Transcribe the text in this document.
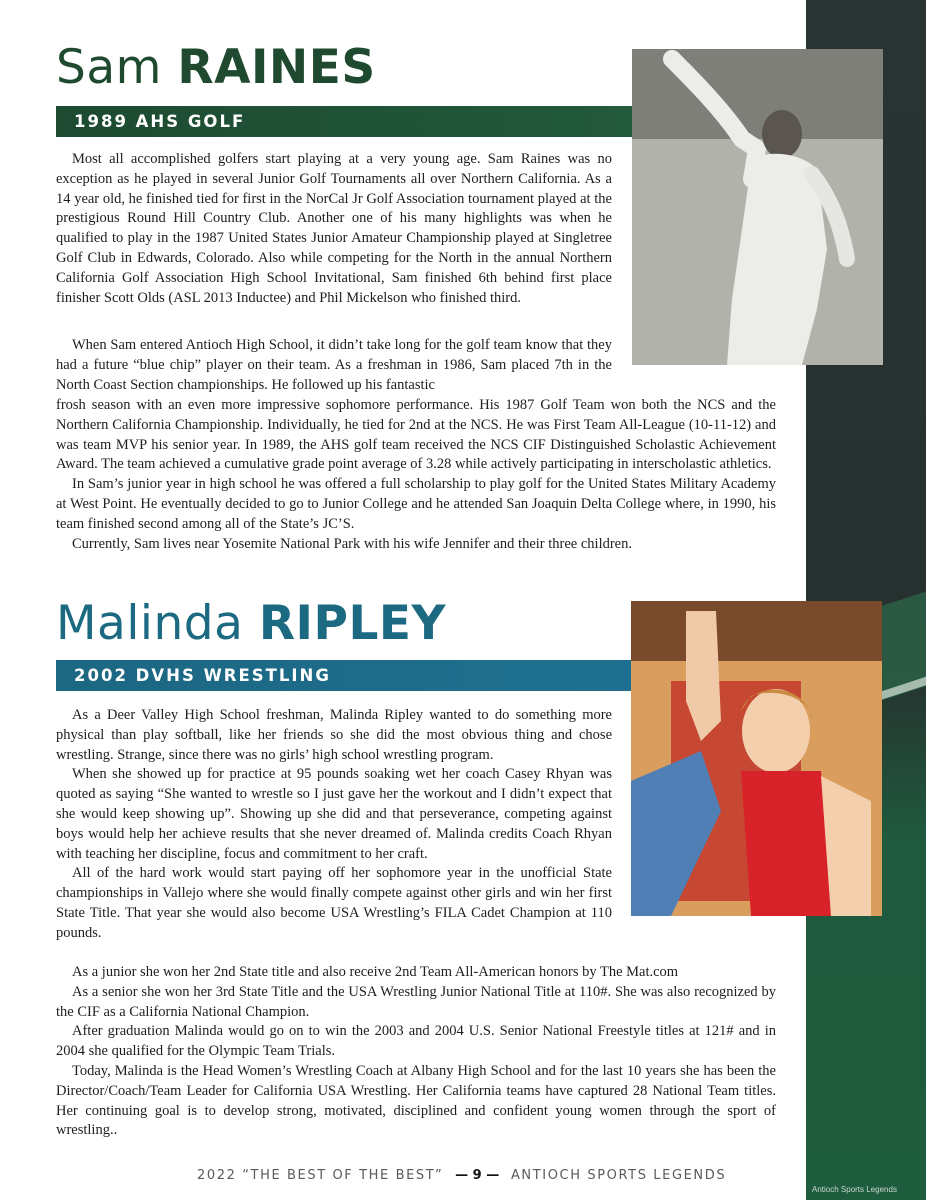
Antioch Sports Legends
Sam RAINES
1989 AHS GOLF

Most all accomplished golfers start playing at a very young age. Sam Raines was no exception as he played in several Junior Golf Tournaments all over Northern California. As a 14 year old, he finished tied for first in the NorCal Jr Golf Association tournament played at the prestigious Round Hill Country Club. Another one of his many highlights was when he qualified to play in the 1987 United States Junior Amateur Championship played at Singletree Golf Club in Edwards, Colorado. Also while competing for the North in the annual Northern California Golf Association High School Invitational, Sam finished 6th behind first place finisher Scott Olds (ASL 2013 Inductee) and Phil Mickelson who finished third.

When Sam entered Antioch High School, it didn’t take long for the golf team know that they had a future “blue chip” player on their team. As a freshman in 1986, Sam placed 7th in the North Coast Section championships. He followed up his fantastic

frosh season with an even more impressive sophomore performance. His 1987 Golf Team won both the NCS and the Northern California Championship. Individually, he tied for 2nd at the NCS. He was First Team All-League (10-11-12) and was team MVP his senior year. In 1989, the AHS golf team received the NCS CIF Distinguished Scholastic Achievement Award. The team achieved a cumulative grade point average of 3.28 while actively participating in interscholastic athletics.

In Sam’s junior year in high school he was offered a full scholarship to play golf for the United States Military Academy at West Point. He eventually decided to go to Junior College and he attended San Joaquin Delta College where, in 1990, his team finished second among all of the State’s JC’S.

Currently, Sam lives near Yosemite National Park with his wife Jennifer and their three children.

Malinda RIPLEY
2002 DVHS WRESTLING

As a Deer Valley High School freshman, Malinda Ripley wanted to do something more physical than play softball, like her friends so she did the most obvious thing and chose wrestling. Strange, since there was no girls’ high school wrestling program.

When she showed up for practice at 95 pounds soaking wet her coach Casey Rhyan was quoted as saying “She wanted to wrestle so I just gave her the workout and I didn’t expect that she would keep showing up”. Showing up she did and that perseverance, competing against boys would help her achieve results that she never dreamed of. Malinda credits Coach Rhyan with teaching her discipline, focus and commitment to her craft.

All of the hard work would start paying off her sophomore year in the unofficial State championships in Vallejo where she would finally compete against other girls and win her first State Title. That year she would also become USA Wrestling’s FILA Cadet Champion at 110 pounds.

As a junior she won her 2nd State title and also receive 2nd Team All-American honors by The Mat.com

As a senior she won her 3rd State Title and the USA Wrestling Junior National Title at 110#. She was also recognized by the CIF as a California National Champion.

After graduation Malinda would go on to win the 2003 and 2004 U.S. Senior National Freestyle titles at 121# and in 2004 she qualified for the Olympic Team Trials.

Today, Malinda is the Head Women’s Wrestling Coach at Albany High School and for the last 10 years she has been the Director/Coach/Team Leader for California USA Wrestling. Her California teams have captured 28 National Team titles. Her continuing goal is to develop strong, motivated, disciplined and confident young women through the sport of wrestling..

2022 “THE BEST OF THE BEST” — 9 — ANTIOCH SPORTS LEGENDS
